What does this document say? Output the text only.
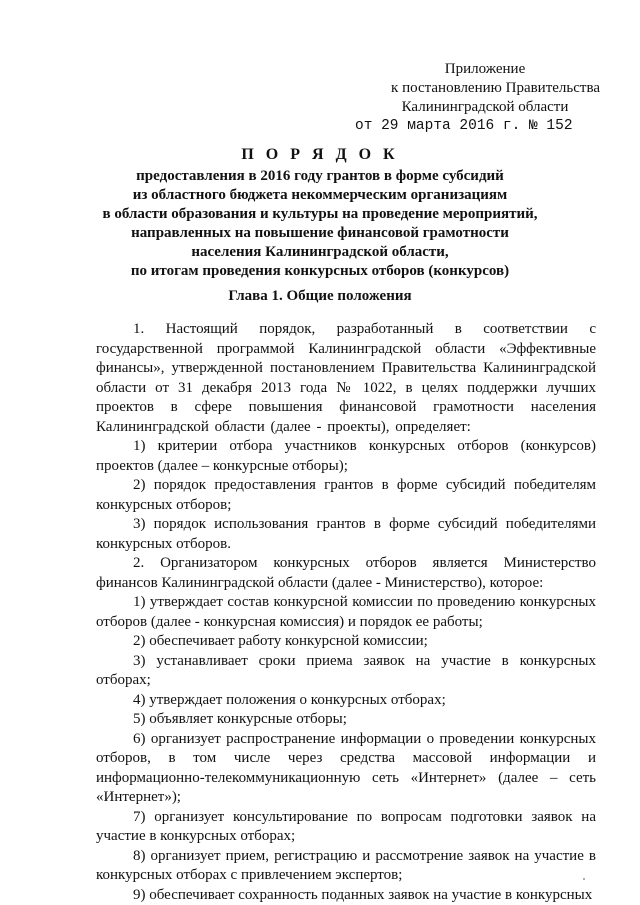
Приложение
к постановлению Правительства
Калининградской области
от 29 марта 2016 г. № 152
П О Р Я Д О К
предоставления в 2016 году грантов в форме субсидий
из областного бюджета некоммерческим организациям
в области образования и культуры на проведение мероприятий,
направленных на повышение финансовой грамотности
населения Калининградской области,
по итогам проведения конкурсных отборов (конкурсов)
Глава 1. Общие положения

1. Настоящий порядок, разработанный в соответствии с государственной программой Калининградской области «Эффективные финансы», утвержденной постановлением Правительства Калининградской области от 31 декабря 2013 года № 1022, в целях поддержки лучших проектов в сфере повышения финансовой грамотности населения Калининградской области (далее - проекты), определяет:

1) критерии отбора участников конкурсных отборов (конкурсов) проектов (далее – конкурсные отборы);

2) порядок предоставления грантов в форме субсидий победителям конкурсных отборов;

3) порядок использования грантов в форме субсидий победителями конкурсных отборов.

2. Организатором конкурсных отборов является Министерство финансов Калининградской области (далее - Министерство), которое:

1) утверждает состав конкурсной комиссии по проведению конкурсных отборов (далее - конкурсная комиссия) и порядок ее работы;

2) обеспечивает работу конкурсной комиссии;

3) устанавливает сроки приема заявок на участие в конкурсных отборах;

4) утверждает положения о конкурсных отборах;

5) объявляет конкурсные отборы;

6) организует распространение информации о проведении конкурсных отборов, в том числе через средства массовой информации и информационно-телекоммуникационную сеть «Интернет» (далее – сеть «Интернет»);

7) организует консультирование по вопросам подготовки заявок на участие в конкурсных отборах;

8) организует прием, регистрацию и рассмотрение заявок на участие в конкурсных отборах с привлечением экспертов;

9) обеспечивает сохранность поданных заявок на участие в конкурсных
